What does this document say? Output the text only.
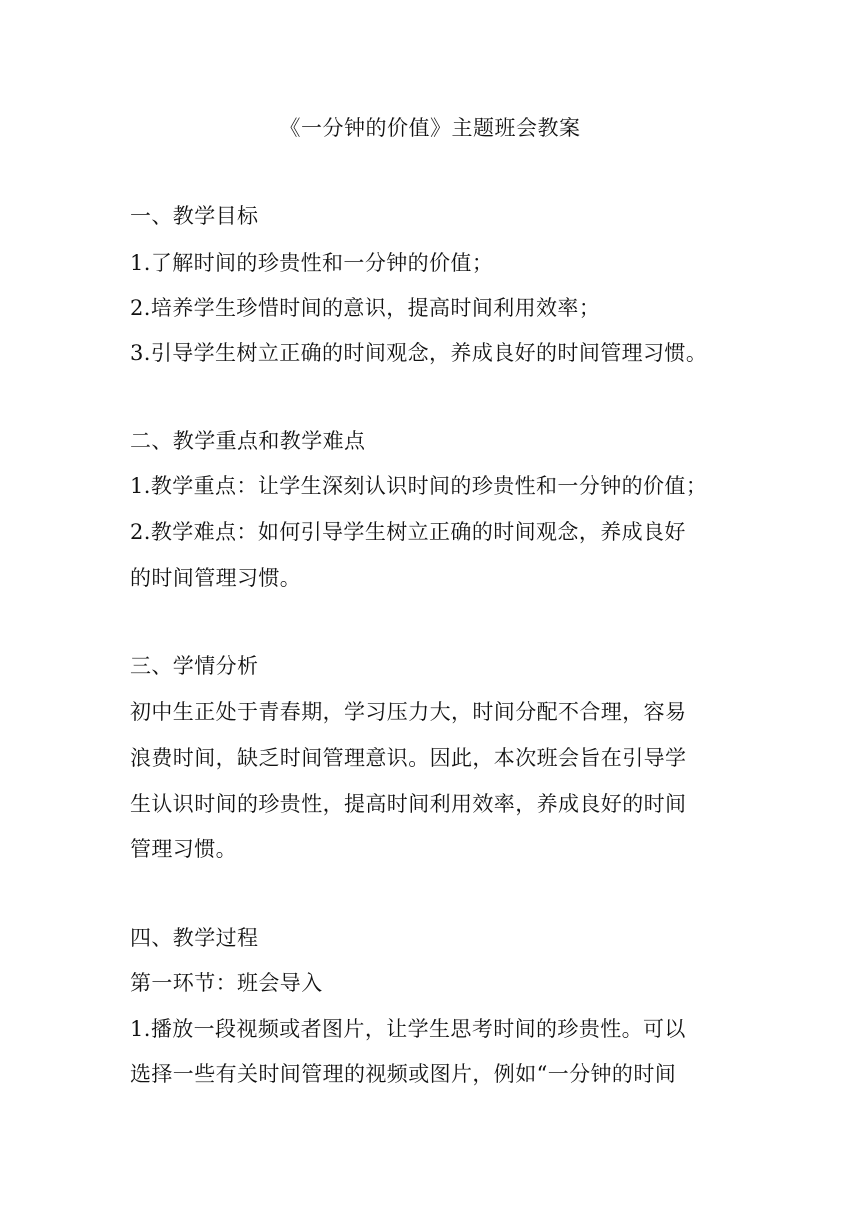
《一分钟的价值》主题班会教案
一、教学目标
1.了解时间的珍贵性和一分钟的价值；
2.培养学生珍惜时间的意识，提高时间利用效率；
3.引导学生树立正确的时间观念，养成良好的时间管理习惯。
二、教学重点和教学难点
1.教学重点：让学生深刻认识时间的珍贵性和一分钟的价值；
2.教学难点：如何引导学生树立正确的时间观念，养成良好
的时间管理习惯。
三、学情分析
初中生正处于青春期，学习压力大，时间分配不合理，容易
浪费时间，缺乏时间管理意识。因此，本次班会旨在引导学
生认识时间的珍贵性，提高时间利用效率，养成良好的时间
管理习惯。
四、教学过程
第一环节：班会导入
1.播放一段视频或者图片，让学生思考时间的珍贵性。可以
选择一些有关时间管理的视频或图片，例如“一分钟的时间
